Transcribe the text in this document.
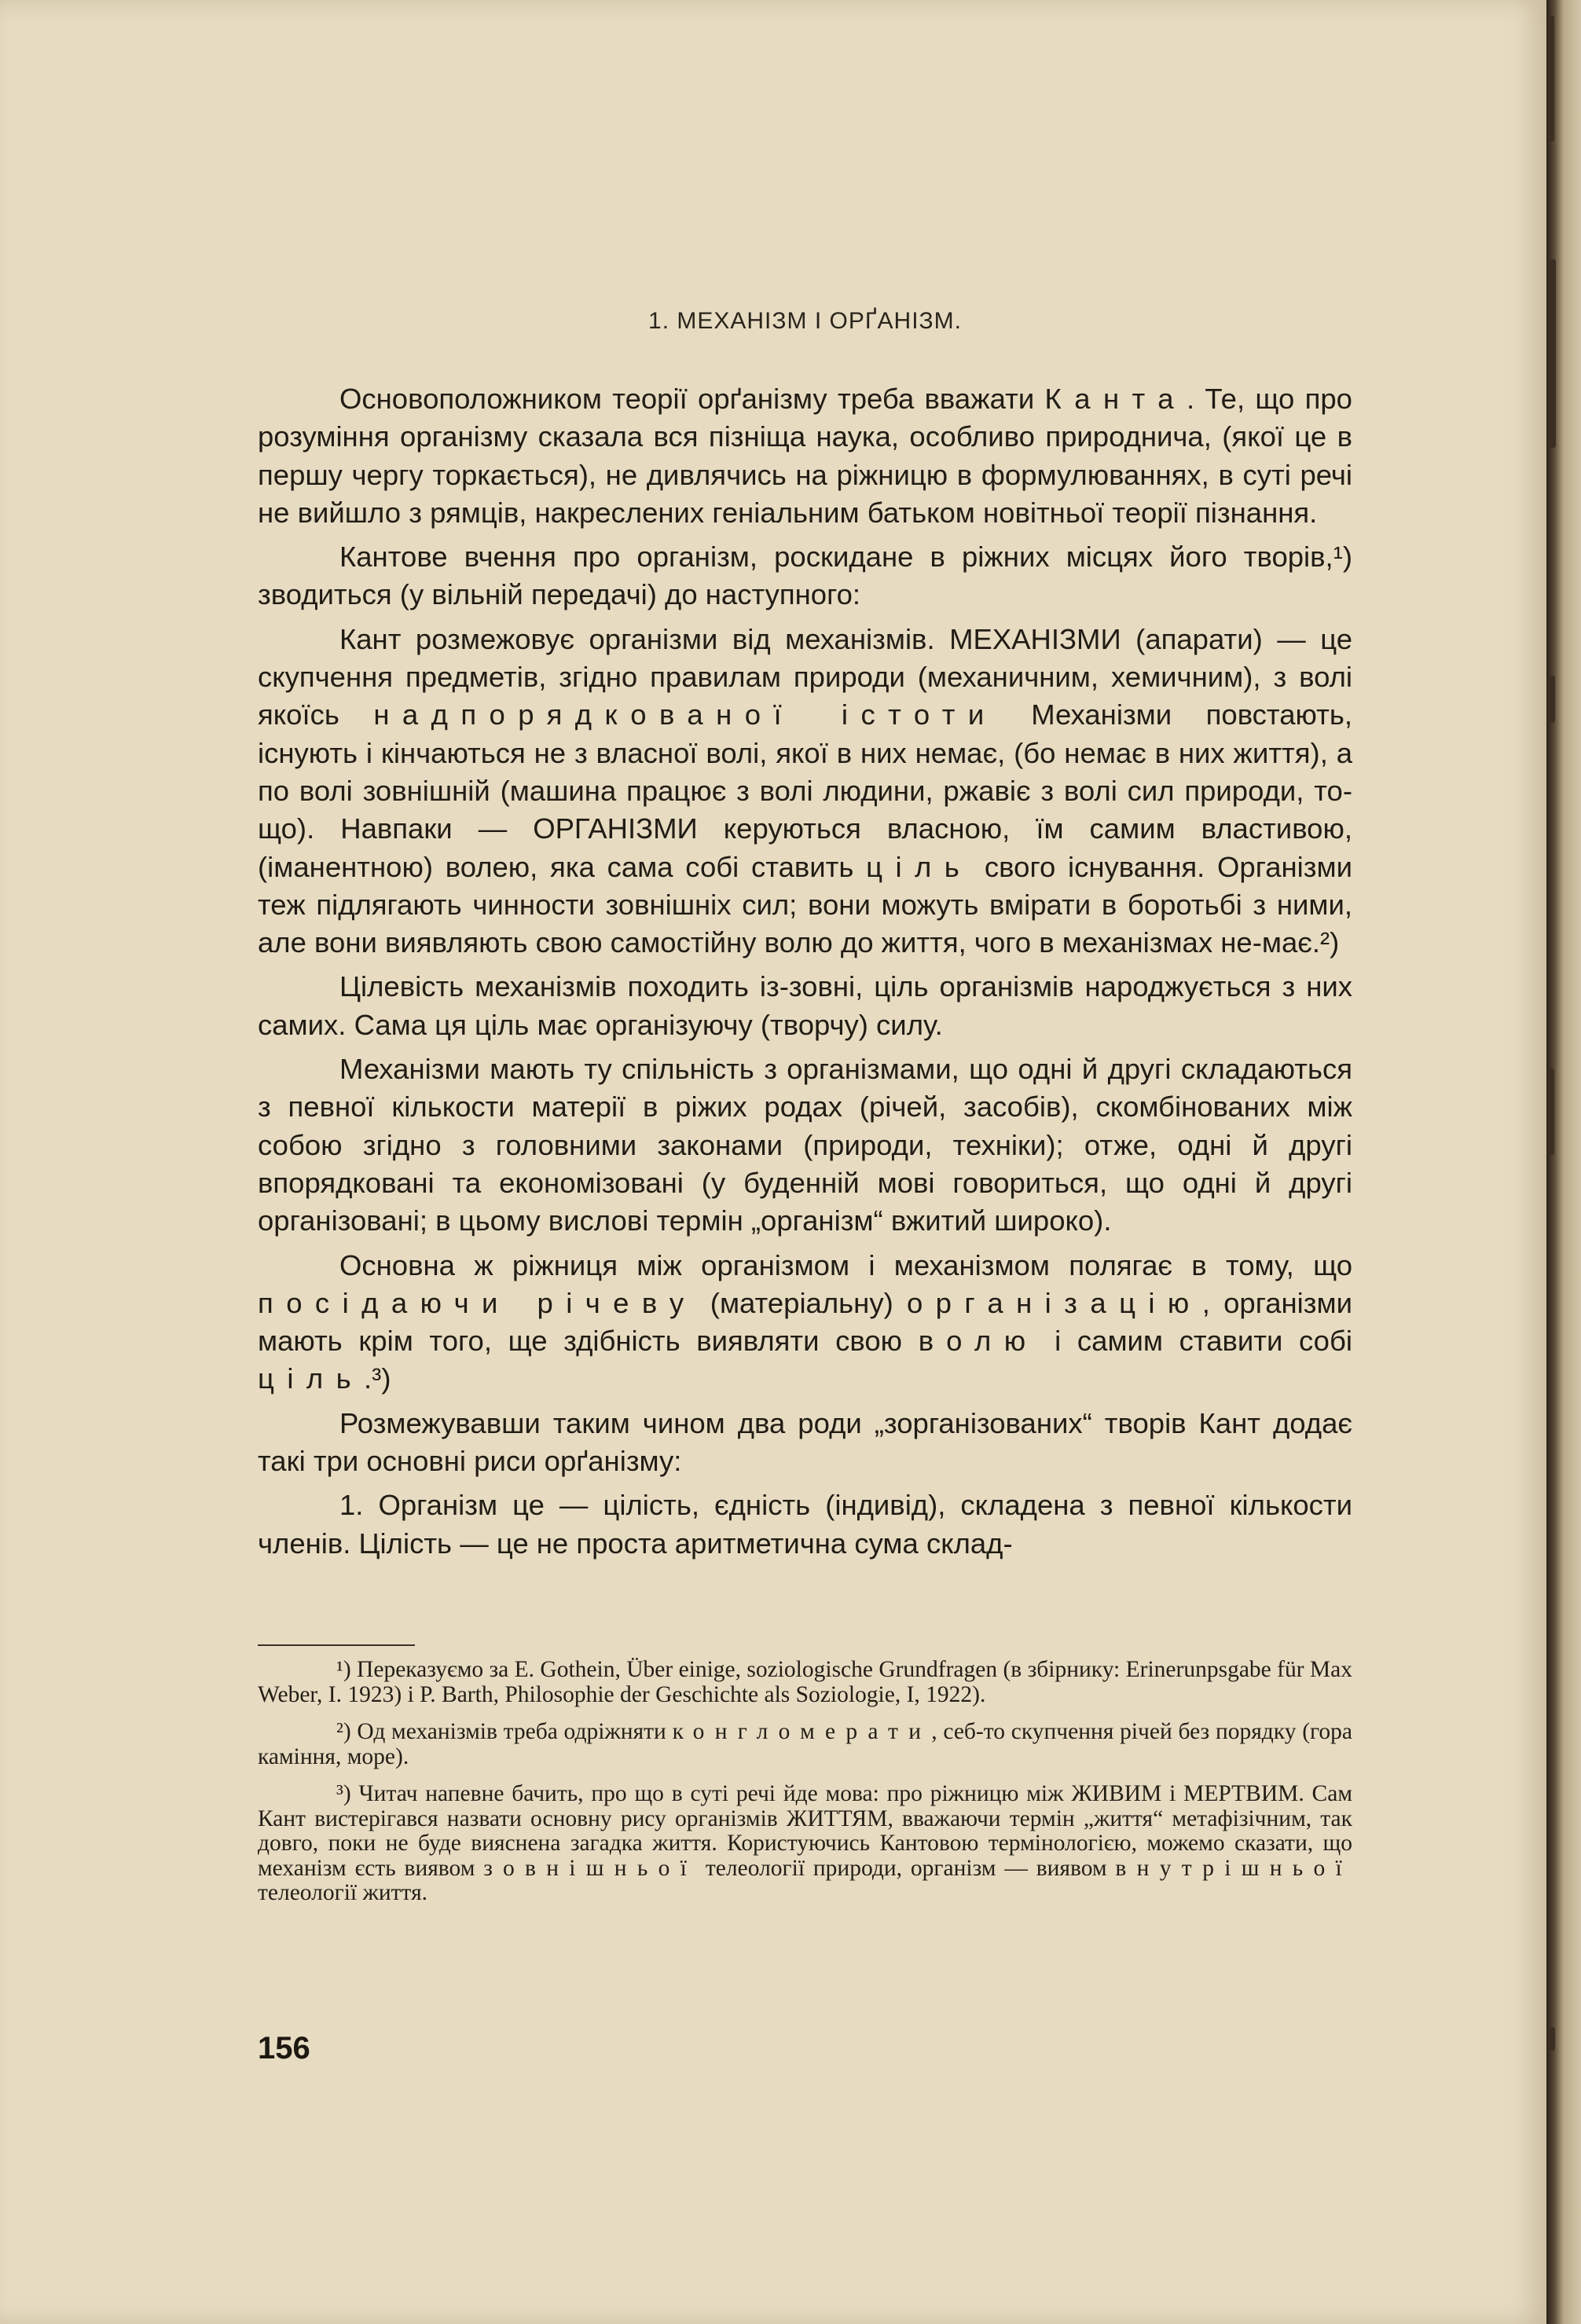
1. МЕХАНІЗМ І ОРҐАНІЗМ.

Основоположником теорії орґанізму треба вважати Канта. Те, що про розуміння організму сказала вся пізніща наука, особливо природнича, (якої це в першу чергу торкається), не дивлячись на ріжницю в формулюваннях, в суті речі не вийшло з рямців, накреслених геніальним батьком новітньої теорії пізнання.

Кантове вчення про організм, роскидане в ріжних місцях його творів,¹) зводиться (у вільній передачі) до наступного:

Кант розмежовує організми від механізмів. МЕХАНІЗМИ (апарати) — це скупчення предметів, згідно правилам природи (механичним, хемичним), з волі якоїсь надпорядкованої істоти Механізми повстають, існують і кінчаються не з власної волі, якої в них немає, (бо немає в них життя), а по волі зовнішній (машина працює з волі людини, ржавіє з волі сил природи, то-що). Навпаки — ОРГАНІЗМИ керуються власною, їм самим властивою, (іманентною) волею, яка сама собі ставить ціль свого існування. Організми теж підлягають чинности зовнішніх сил; вони можуть вмірати в боротьбі з ними, але вони виявляють свою самостійну волю до життя, чого в механізмах не-має.²)

Цілевість механізмів походить із-зовні, ціль організмів народжується з них самих. Сама ця ціль має організуючу (творчу) силу.

Механізми мають ту спільність з організмами, що одні й другі складаються з певної кількости матерії в ріжих родах (річей, засобів), скомбінованих між собою згідно з головними законами (природи, техніки); отже, одні й другі впорядковані та економізовані (у буденній мові говориться, що одні й другі організовані; в цьому вислові термін „організм“ вжитий широко).

Основна ж ріжниця між організмом і механізмом полягає в тому, що посідаючи річеву (матеріальну) організацію, організми мають крім того, ще здібність виявляти свою волю і самим ставити собі ціль.³)

Розмежувавши таким чином два роди „зорганізованих“ творів Кант додає такі три основні риси орґанізму:

1. Організм це — цілість, єдність (індивід), складена з певної кількости членів. Цілість — це не проста аритметична сума склад-

¹) Переказуємо за E. Gothein, Über einige, soziologische Grundfragen (в збірнику: Erinerunpsgabe für Max Weber, I. 1923) і P. Barth, Philosophie der Geschichte als Soziologie, I, 1922).

²) Од механізмів треба одріжняти конгломерати, себ-то скупчення річей без порядку (гора каміння, море).

³) Читач напевне бачить, про що в суті речі йде мова: про ріжницю між ЖИВИМ і МЕРТВИМ. Сам Кант вистерігався назвати основну рису організмів ЖИТТЯМ, вважаючи термін „життя“ метафізічним, так довго, поки не буде вияснена загадка життя. Користуючись Кантовою термінологією, можемо сказати, що механізм єсть виявом зовнішньої телеології природи, організм — виявом внутрішньої телеології життя.

156
